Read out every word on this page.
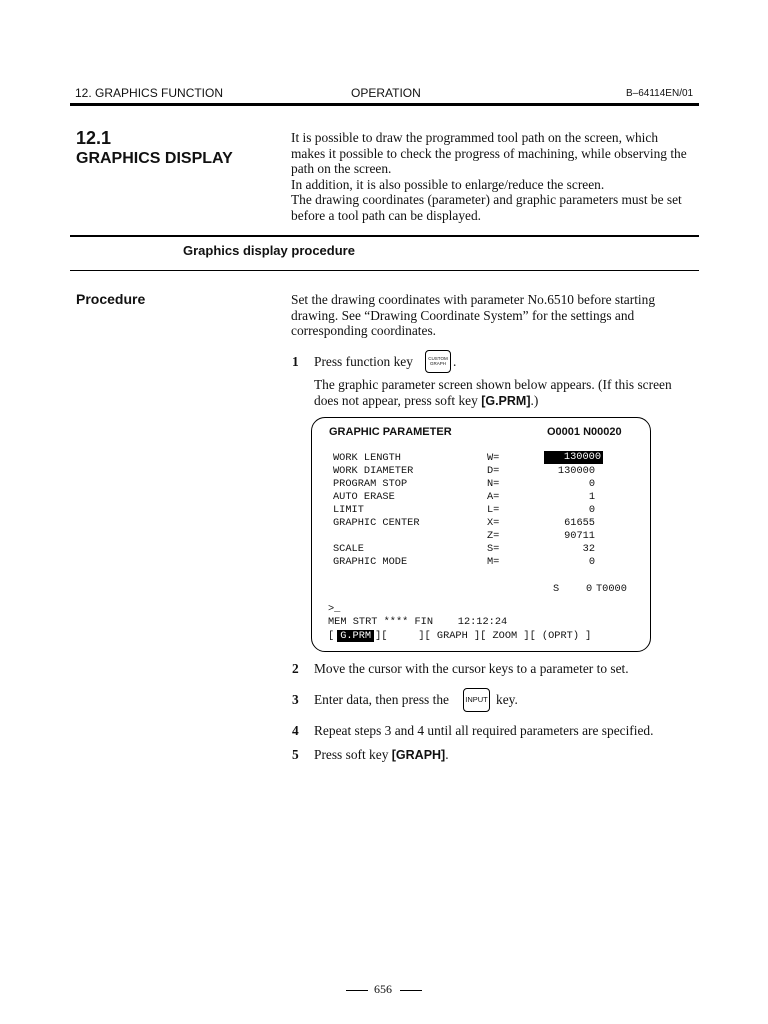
12. GRAPHICS FUNCTION	OPERATION	B–64114EN/01
12.1
GRAPHICS DISPLAY
It is possible to draw the programmed tool path on the screen, which
makes it possible to check the progress of machining, while observing the
path on the screen.
In addition, it is also possible to enlarge/reduce the screen.
The drawing coordinates (parameter) and graphic parameters must be set
before a tool path can be displayed.
Graphics display procedure
Procedure	Set the drawing coordinates with parameter No.6510 before starting
drawing. See “Drawing Coordinate System” for the settings and
corresponding coordinates.
1 Press function key	CUSTOM
GRAPH .
The graphic parameter screen shown below appears. (If this screen
does not appear, press soft key [G.PRM].)
GRAPHIC PARAMETER	O0001 N00020
WORK LENGTH	W=	130000
WORK DIAMETER	D=	130000
PROGRAM STOP	N=	0
AUTO ERASE	A=	1
LIMIT	L=	0
GRAPHIC CENTER	X=	61655
Z=	90711
SCALE	S=	32
GRAPHIC MODE	M=	0
S	0 T0000
>_
MEM STRT **** FIN    12:12:24
[ G.PRM ][     ][ GRAPH ][ ZOOM ][ (OPRT) ]
2 Move the cursor with the cursor keys to a parameter to set.
3 Enter data, then press the	INPUT key.
4 Repeat steps 3 and 4 until all required parameters are specified.
5 Press soft key [GRAPH].
656
